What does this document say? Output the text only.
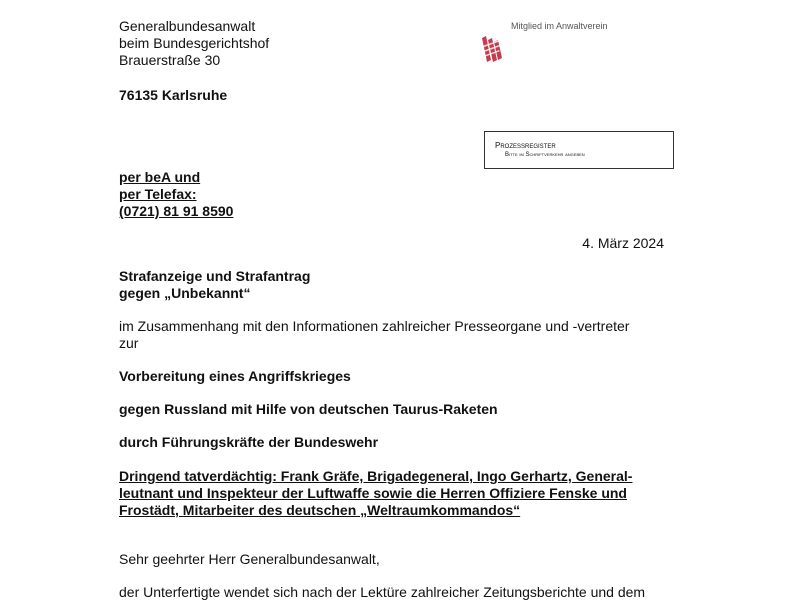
Generalbundesanwalt
beim Bundesgerichtshof
Brauerstraße 30
76135 Karlsruhe
Mitglied im Anwaltverein
Prozessregister
Bitte im Schriftverkehr angeben
per beA und
per Telefax:
(0721) 81 91 8590
4. März 2024
Strafanzeige und Strafantrag
gegen „Unbekannt“
im Zusammenhang mit den Informationen zahlreicher Presseorgane und -vertreter
zur
Vorbereitung eines Angriffskrieges
gegen Russland mit Hilfe von deutschen Taurus-Raketen
durch Führungskräfte der Bundeswehr
Dringend tatverdächtig: Frank Gräfe, Brigadegeneral, Ingo Gerhartz, General-
leutnant und Inspekteur der Luftwaffe sowie die Herren Offiziere Fenske und
Frostädt, Mitarbeiter des deutschen „Weltraumkommandos“
Sehr geehrter Herr Generalbundesanwalt,
der Unterfertigte wendet sich nach der Lektüre zahlreicher Zeitungsberichte und dem
